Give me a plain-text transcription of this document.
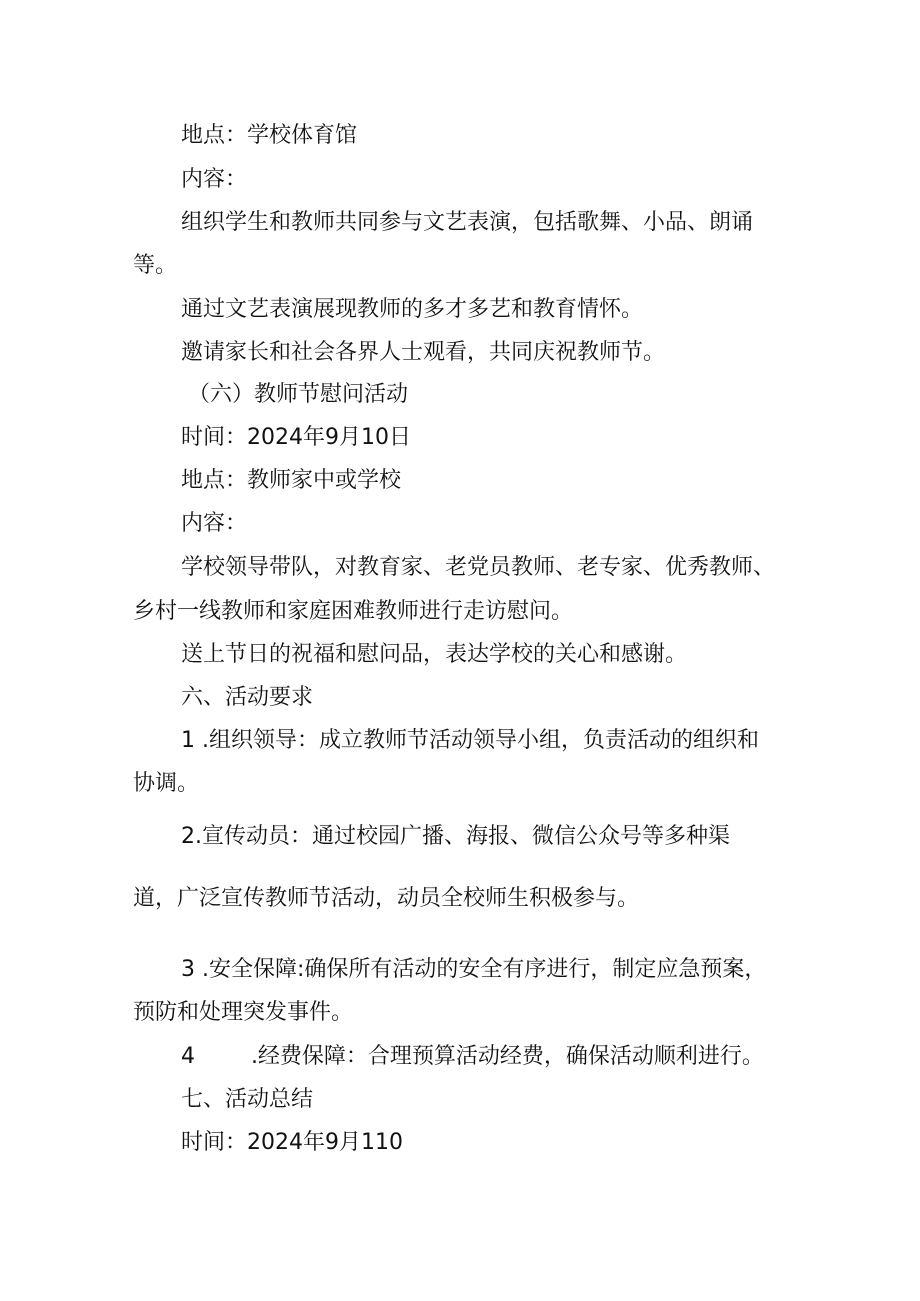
地点：学校体育馆
内容：
组织学生和教师共同参与文艺表演，包括歌舞、小品、朗诵
等。
通过文艺表演展现教师的多才多艺和教育情怀。
邀请家长和社会各界人士观看，共同庆祝教师节。
（六）教师节慰问活动
时间：2024年9月10日
地点：教师家中或学校
内容：
学校领导带队，对教育家、老党员教师、老专家、优秀教师、
乡村一线教师和家庭困难教师进行走访慰问。
送上节日的祝福和慰问品，表达学校的关心和感谢。
六、活动要求
1 .组织领导：成立教师节活动领导小组，负责活动的组织和
协调。
2.宣传动员：通过校园广播、海报、微信公众号等多种渠
道，广泛宣传教师节活动，动员全校师生积极参与。
3 .安全保障:确保所有活动的安全有序进行，制定应急预案，
预防和处理突发事件。
4        .经费保障：合理预算活动经费，确保活动顺利进行。
七、活动总结
时间：2024年9月110
